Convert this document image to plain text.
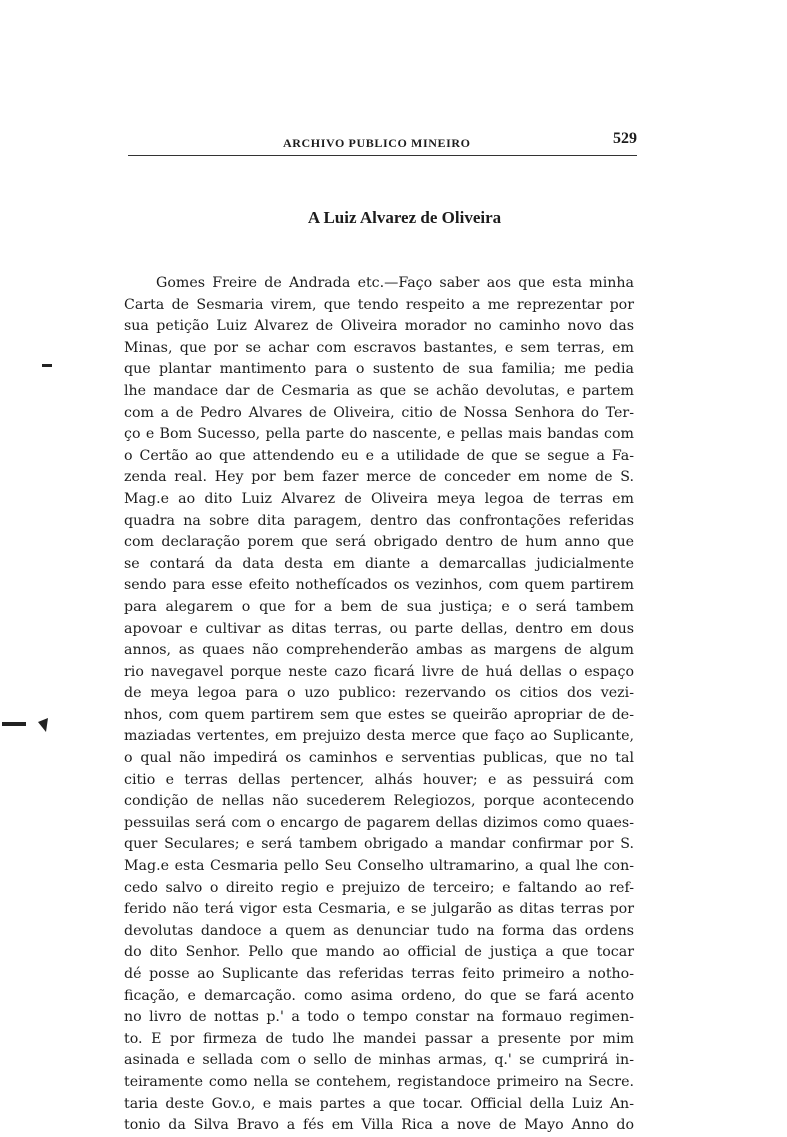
ARCHIVO PUBLICO MINEIRO	529
A Luiz Alvarez de Oliveira
Gomes Freire de Andrada etc.—Faço saber aos que esta minha
Carta de Sesmaria virem, que tendo respeito a me reprezentar por
sua petição Luiz Alvarez de Oliveira morador no caminho novo das
Minas, que por se achar com escravos bastantes, e sem terras, em
que plantar mantimento para o sustento de sua familia; me pedia
lhe mandace dar de Cesmaria as que se achão devolutas, e partem
com a de Pedro Alvares de Oliveira, citio de Nossa Senhora do Ter-
ço e Bom Sucesso, pella parte do nascente, e pellas mais bandas com
o Certão ao que attendendo eu e a utilidade de que se segue a Fa-
zenda real. Hey por bem fazer merce de conceder em nome de S.
Mag.e ao dito Luiz Alvarez de Oliveira meya legoa de terras em
quadra na sobre dita paragem, dentro das confrontações referidas
com declaração porem que será obrigado dentro de hum anno que
se contará da data desta em diante a demarcallas judicialmente
sendo para esse efeito nothefícados os vezinhos, com quem partirem
para alegarem o que for a bem de sua justiça; e o será tambem
apovoar e cultivar as ditas terras, ou parte dellas, dentro em dous
annos, as quaes não comprehenderão ambas as margens de algum
rio navegavel porque neste cazo ficará livre de huá dellas o espaço
de meya legoa para o uzo publico: rezervando os citios dos vezi-
nhos, com quem partirem sem que estes se queirão apropriar de de-
maziadas vertentes, em prejuizo desta merce que faço ao Suplicante,
o qual não impedirá os caminhos e serventias publicas, que no tal
citio e terras dellas pertencer, alhás houver; e as pessuirá com
condição de nellas não sucederem Relegiozos, porque acontecendo
pessuilas será com o encargo de pagarem dellas dizimos como quaes-
quer Seculares; e será tambem obrigado a mandar confirmar por S.
Mag.e esta Cesmaria pello Seu Conselho ultramarino, a qual lhe con-
cedo salvo o direito regio e prejuizo de terceiro; e faltando ao ref-
ferido não terá vigor esta Cesmaria, e se julgarão as ditas terras por
devolutas dandoce a quem as denunciar tudo na forma das ordens
do dito Senhor. Pello que mando ao official de justiça a que tocar
dé posse ao Suplicante das referidas terras feito primeiro a notho-
ficação, e demarcação. como asima ordeno, do que se fará acento
no livro de nottas p.' a todo o tempo constar na formauo regimen-
to. E por firmeza de tudo lhe mandei passar a presente por mim
asinada e sellada com o sello de minhas armas, q.' se cumprirá in-
teiramente como nella se contehem, registandoce primeiro na Secre.
taria deste Gov.o, e mais partes a que tocar. Official della Luiz An-
tonio da Silva Bravo a fés em Villa Rica a nove de Mayo Anno do
